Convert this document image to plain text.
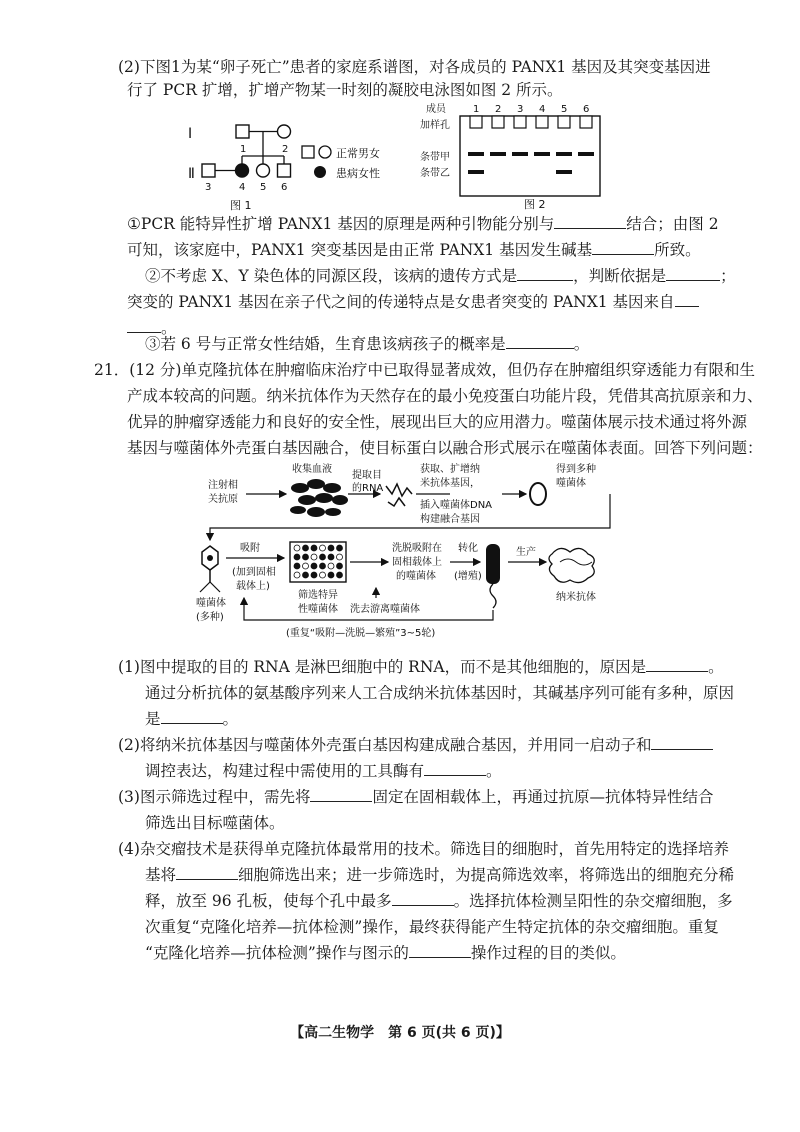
(2)下图1为某“卵子死亡”患者的家庭系谱图，对各成员的 PANX1 基因及其突变基因进
行了 PCR 扩增，扩增产物某一时刻的凝胶电泳图如图 2 所示。
Ⅰ
Ⅱ
1	2
3	4 5 6
正常男女
患病女性
图 1
成员
加样孔
1 2 3 4 5 6
条带甲
条带乙
图 2
①PCR 能特异性扩增 PANX1 基因的原理是两种引物能分别与	结合；由图 2
可知，该家庭中，PANX1 突变基因是由正常 PANX1 基因发生碱基	所致。
②不考虑 X、Y 染色体的同源区段，该病的遗传方式是	，判断依据是	；
突变的 PANX1 基因在亲子代之间的传递特点是女患者突变的 PANX1 基因来自
。
③若 6 号与正常女性结婚，生育患该病孩子的概率是	。
21．(12 分)单克隆抗体在肿瘤临床治疗中已取得显著成效，但仍存在肿瘤组织穿透能力有限和生
产成本较高的问题。纳米抗体作为天然存在的最小免疫蛋白功能片段，凭借其高抗原亲和力、
优异的肿瘤穿透能力和良好的安全性，展现出巨大的应用潜力。噬菌体展示技术通过将外源
基因与噬菌体外壳蛋白基因融合，使目标蛋白以融合形式展示在噬菌体表面。回答下列问题：
注射相
关抗原
收集血液
提取目
的RNA
获取、扩增纳
米抗体基因，
插入噬菌体DNA
构建融合基因
得到多种
噬菌体
噬菌体
(多种)
吸附
(加到固相
载体上)
筛选特异
性噬菌体
洗脱吸附在
固相载体上
的噬菌体
洗去游离噬菌体
转化
(增殖)
生产
纳米抗体
(重复“吸附—洗脱—繁殖”3~5轮)
(1)图中提取的目的 RNA 是淋巴细胞中的 RNA，而不是其他细胞的，原因是	。
通过分析抗体的氨基酸序列来人工合成纳米抗体基因时，其碱基序列可能有多种，原因
是	。
(2)将纳米抗体基因与噬菌体外壳蛋白基因构建成融合基因，并用同一启动子和
调控表达，构建过程中需使用的工具酶有	。
(3)图示筛选过程中，需先将	固定在固相载体上，再通过抗原—抗体特异性结合
筛选出目标噬菌体。
(4)杂交瘤技术是获得单克隆抗体最常用的技术。筛选目的细胞时，首先用特定的选择培养
基将	细胞筛选出来；进一步筛选时，为提高筛选效率，将筛选出的细胞充分稀
释，放至 96 孔板，使每个孔中最多	。选择抗体检测呈阳性的杂交瘤细胞，多
次重复“克隆化培养—抗体检测”操作，最终获得能产生特定抗体的杂交瘤细胞。重复
“克隆化培养—抗体检测”操作与图示的	操作过程的目的类似。
【高二生物学　第 6 页(共 6 页)】
